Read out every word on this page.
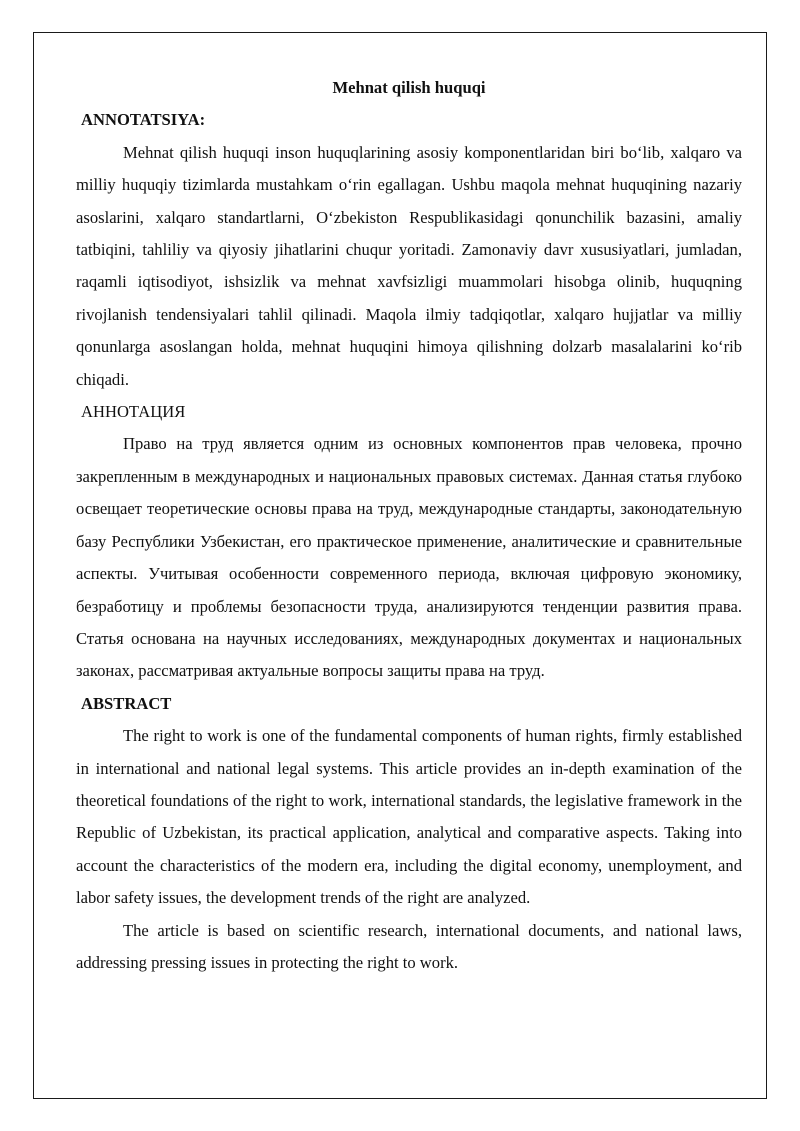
Mehnat qilish huquqi

ANNOTATSIYA:

Mehnat qilish huquqi inson huquqlarining asosiy komponentlaridan biri bo‘lib, xalqaro va milliy huquqiy tizimlarda mustahkam o‘rin egallagan. Ushbu maqola mehnat huquqining nazariy asoslarini, xalqaro standartlarni, O‘zbekiston Respublikasidagi qonunchilik bazasini, amaliy tatbiqini, tahliliy va qiyosiy jihatlarini chuqur yoritadi. Zamonaviy davr xususiyatlari, jumladan, raqamli iqtisodiyot, ishsizlik va mehnat xavfsizligi muammolari hisobga olinib, huquqning rivojlanish tendensiyalari tahlil qilinadi. Maqola ilmiy tadqiqotlar, xalqaro hujjatlar va milliy qonunlarga asoslangan holda, mehnat huquqini himoya qilishning dolzarb masalalarini ko‘rib chiqadi.

АННОТАЦИЯ

Право на труд является одним из основных компонентов прав человека, прочно закрепленным в международных и национальных правовых системах. Данная статья глубоко освещает теоретические основы права на труд, международные стандарты, законодательную базу Республики Узбекистан, его практическое применение, аналитические и сравнительные аспекты. Учитывая особенности современного периода, включая цифровую экономику, безработицу и проблемы безопасности труда, анализируются тенденции развития права. Статья основана на научных исследованиях, международных документах и национальных законах, рассматривая актуальные вопросы защиты права на труд.

ABSTRACT

The right to work is one of the fundamental components of human rights, firmly established in international and national legal systems. This article provides an in-depth examination of the theoretical foundations of the right to work, international standards, the legislative framework in the Republic of Uzbekistan, its practical application, analytical and comparative aspects. Taking into account the characteristics of the modern era, including the digital economy, unemployment, and labor safety issues, the development trends of the right are analyzed.

The article is based on scientific research, international documents, and national laws, addressing pressing issues in protecting the right to work.
